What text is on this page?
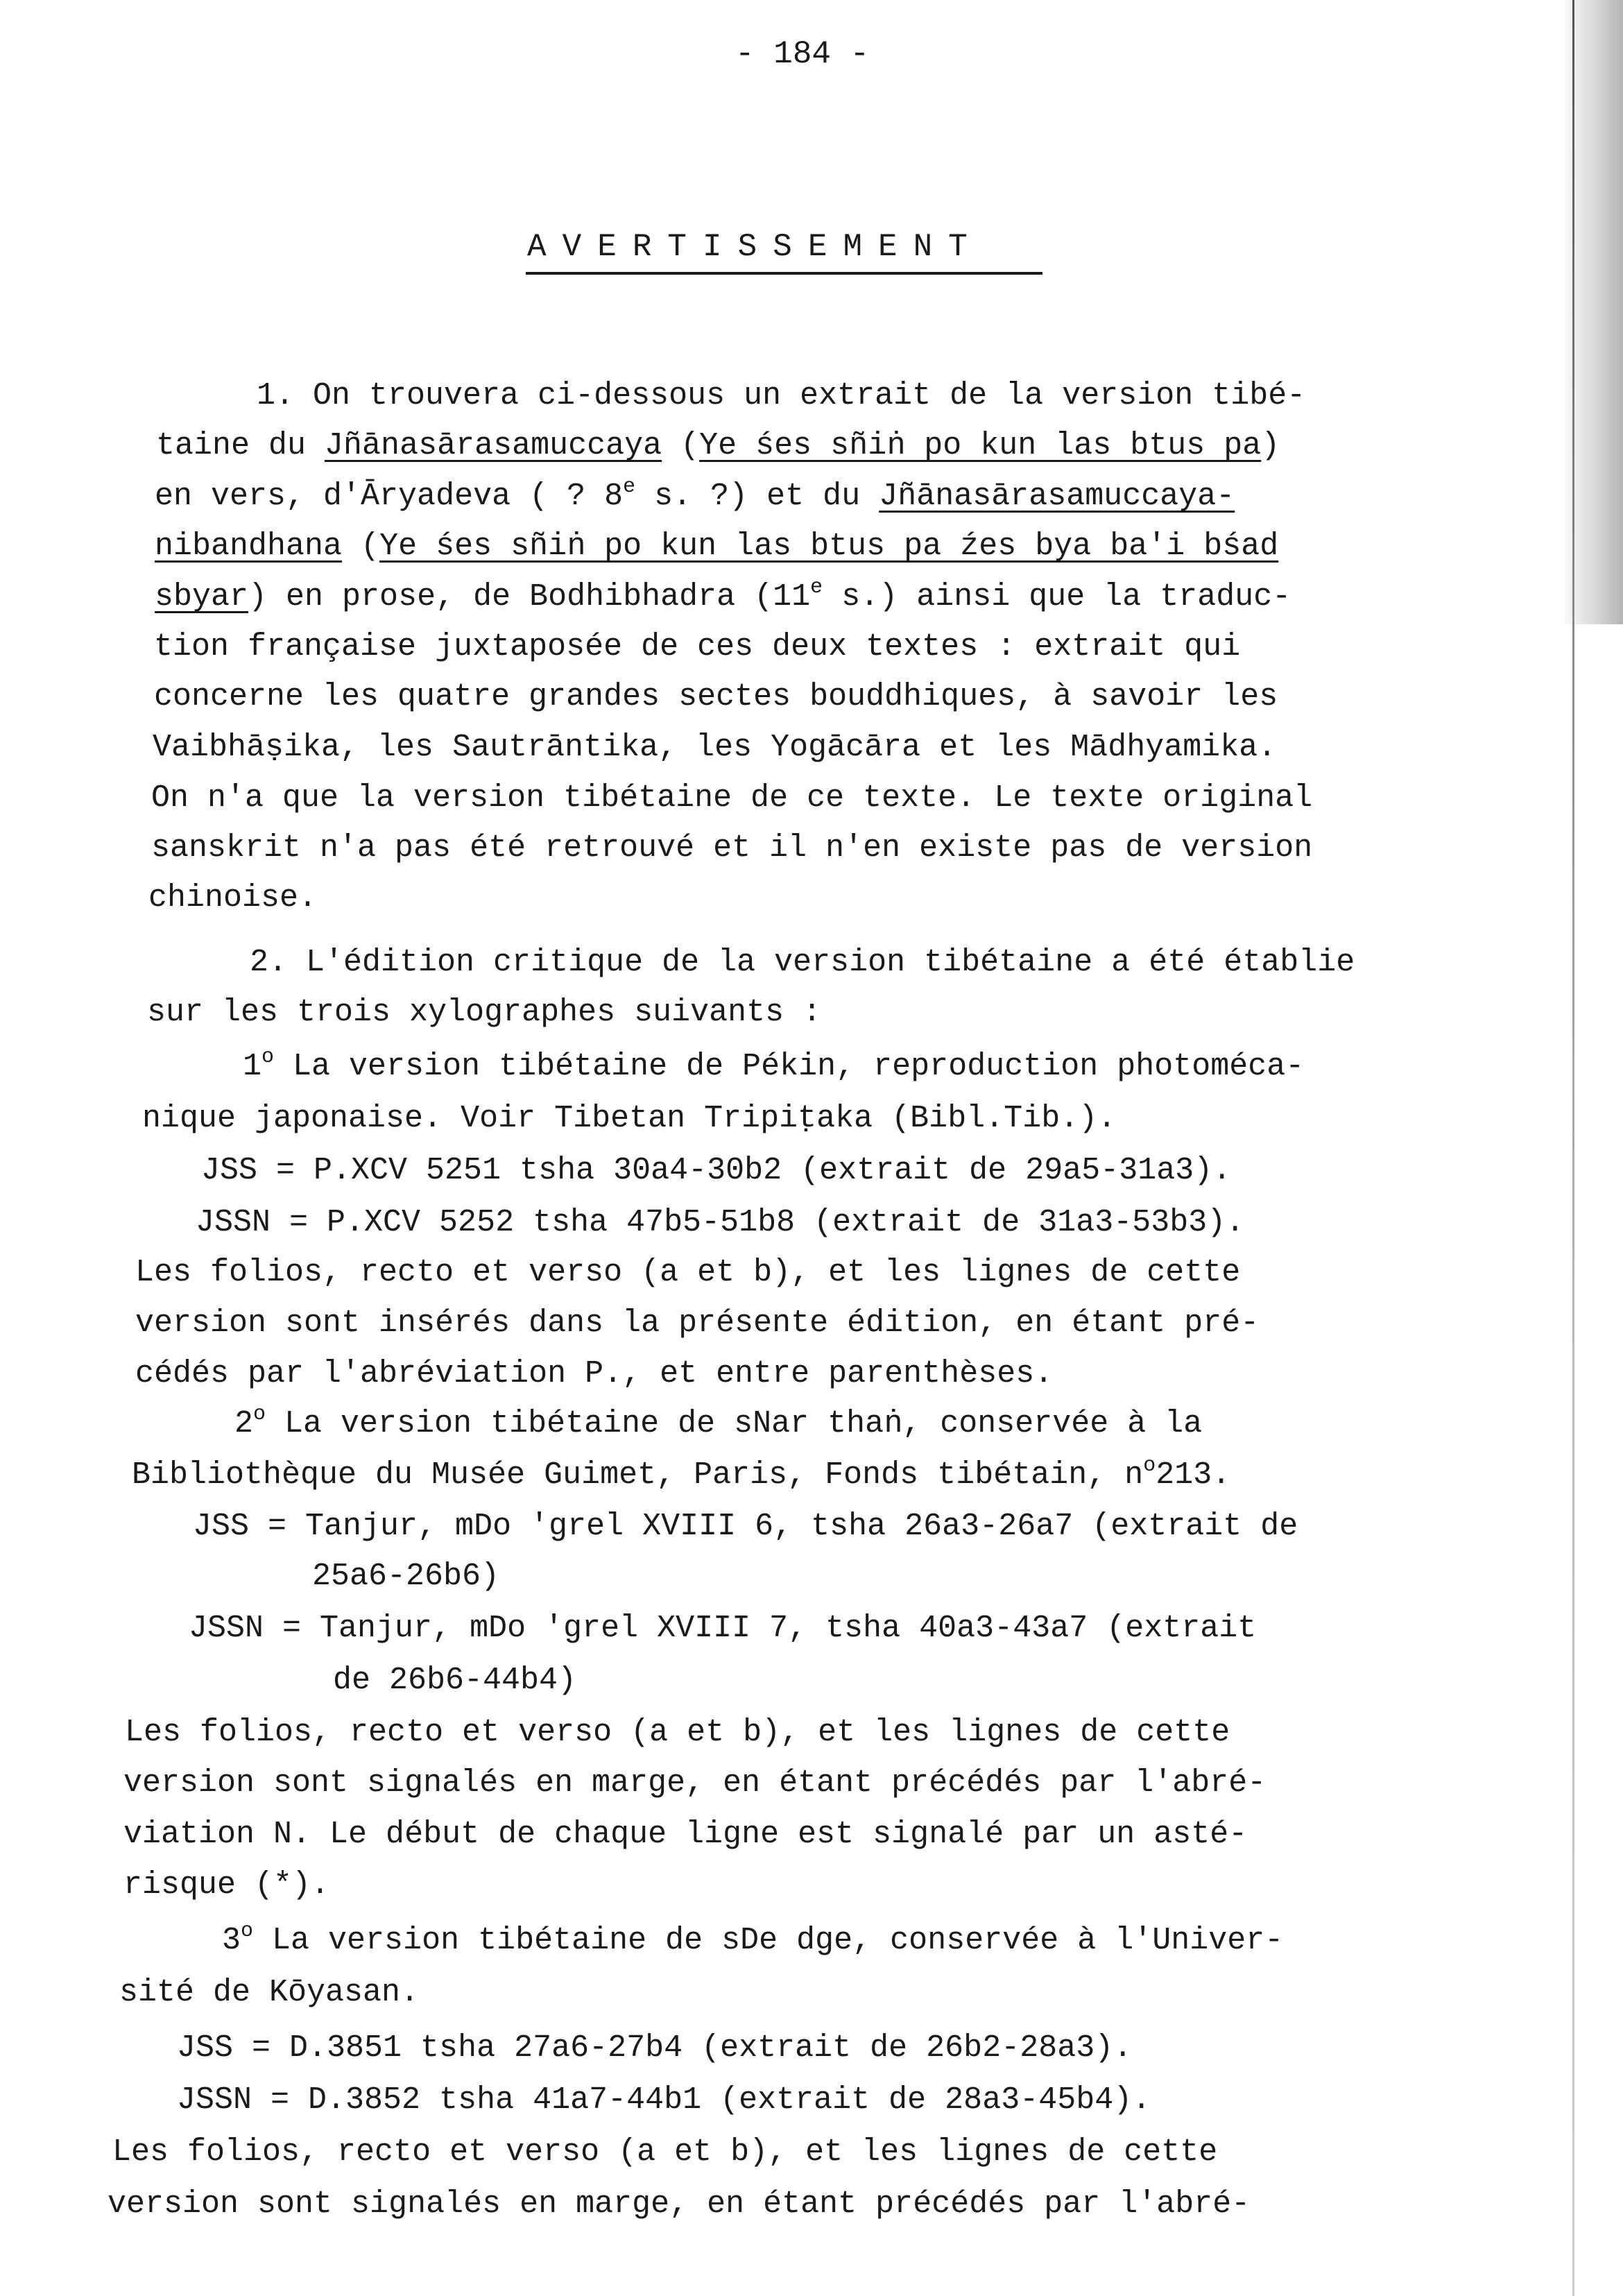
- 184 -
AVERTISSEMENT
1. On trouvera ci-dessous un extrait de la version tibé-
taine du Jñānasārasamuccaya (Ye śes sñiṅ po kun las btus pa)
en vers, d'Āryadeva ( ? 8e s. ?) et du Jñānasārasamuccaya-
nibandhana (Ye śes sñiṅ po kun las btus pa źes bya ba'i bśad
sbyar) en prose, de Bodhibhadra (11e s.) ainsi que la traduc-
tion française juxtaposée de ces deux textes : extrait qui
concerne les quatre grandes sectes bouddhiques, à savoir les
Vaibhāṣika, les Sautrāntika, les Yogācāra et les Mādhyamika.
On n'a que la version tibétaine de ce texte. Le texte original
sanskrit n'a pas été retrouvé et il n'en existe pas de version
chinoise.
2. L'édition critique de la version tibétaine a été établie
sur les trois xylographes suivants :
1$^o$ La version tibétaine de Pékin, reproduction photoméca-
nique japonaise. Voir Tibetan Tripiṭaka (Bibl.Tib.).
JSS = P.XCV 5251 tsha 30a4-30b2 (extrait de 29a5-31a3).
JSSN = P.XCV 5252 tsha 47b5-51b8 (extrait de 31a3-53b3).
Les folios, recto et verso (a et b), et les lignes de cette
version sont insérés dans la présente édition, en étant pré-
cédés par l'abréviation P., et entre parenthèses.
2$^o$ La version tibétaine de sNar thaṅ, conservée à la
Bibliothèque du Musée Guimet, Paris, Fonds tibétain, $n^o213$.
JSS = Tanjur, mDo 'grel XVIII 6, tsha 26a3-26a7 (extrait de
25a6-26b6)
JSSN = Tanjur, mDo 'grel XVIII 7, tsha 40a3-43a7 (extrait
de 26b6-44b4)
Les folios, recto et verso (a et b), et les lignes de cette
version sont signalés en marge, en étant précédés par l'abré-
viation N. Le début de chaque ligne est signalé par un asté-
risque (*).
3$^o$ La version tibétaine de sDe dge, conservée à l'Univer-
sité de Kōyasan.
JSS = D.3851 tsha 27a6-27b4 (extrait de 26b2-28a3).
JSSN = D.3852 tsha 41a7-44b1 (extrait de 28a3-45b4).
Les folios, recto et verso (a et b), et les lignes de cette
version sont signalés en marge, en étant précédés par l'abré-
